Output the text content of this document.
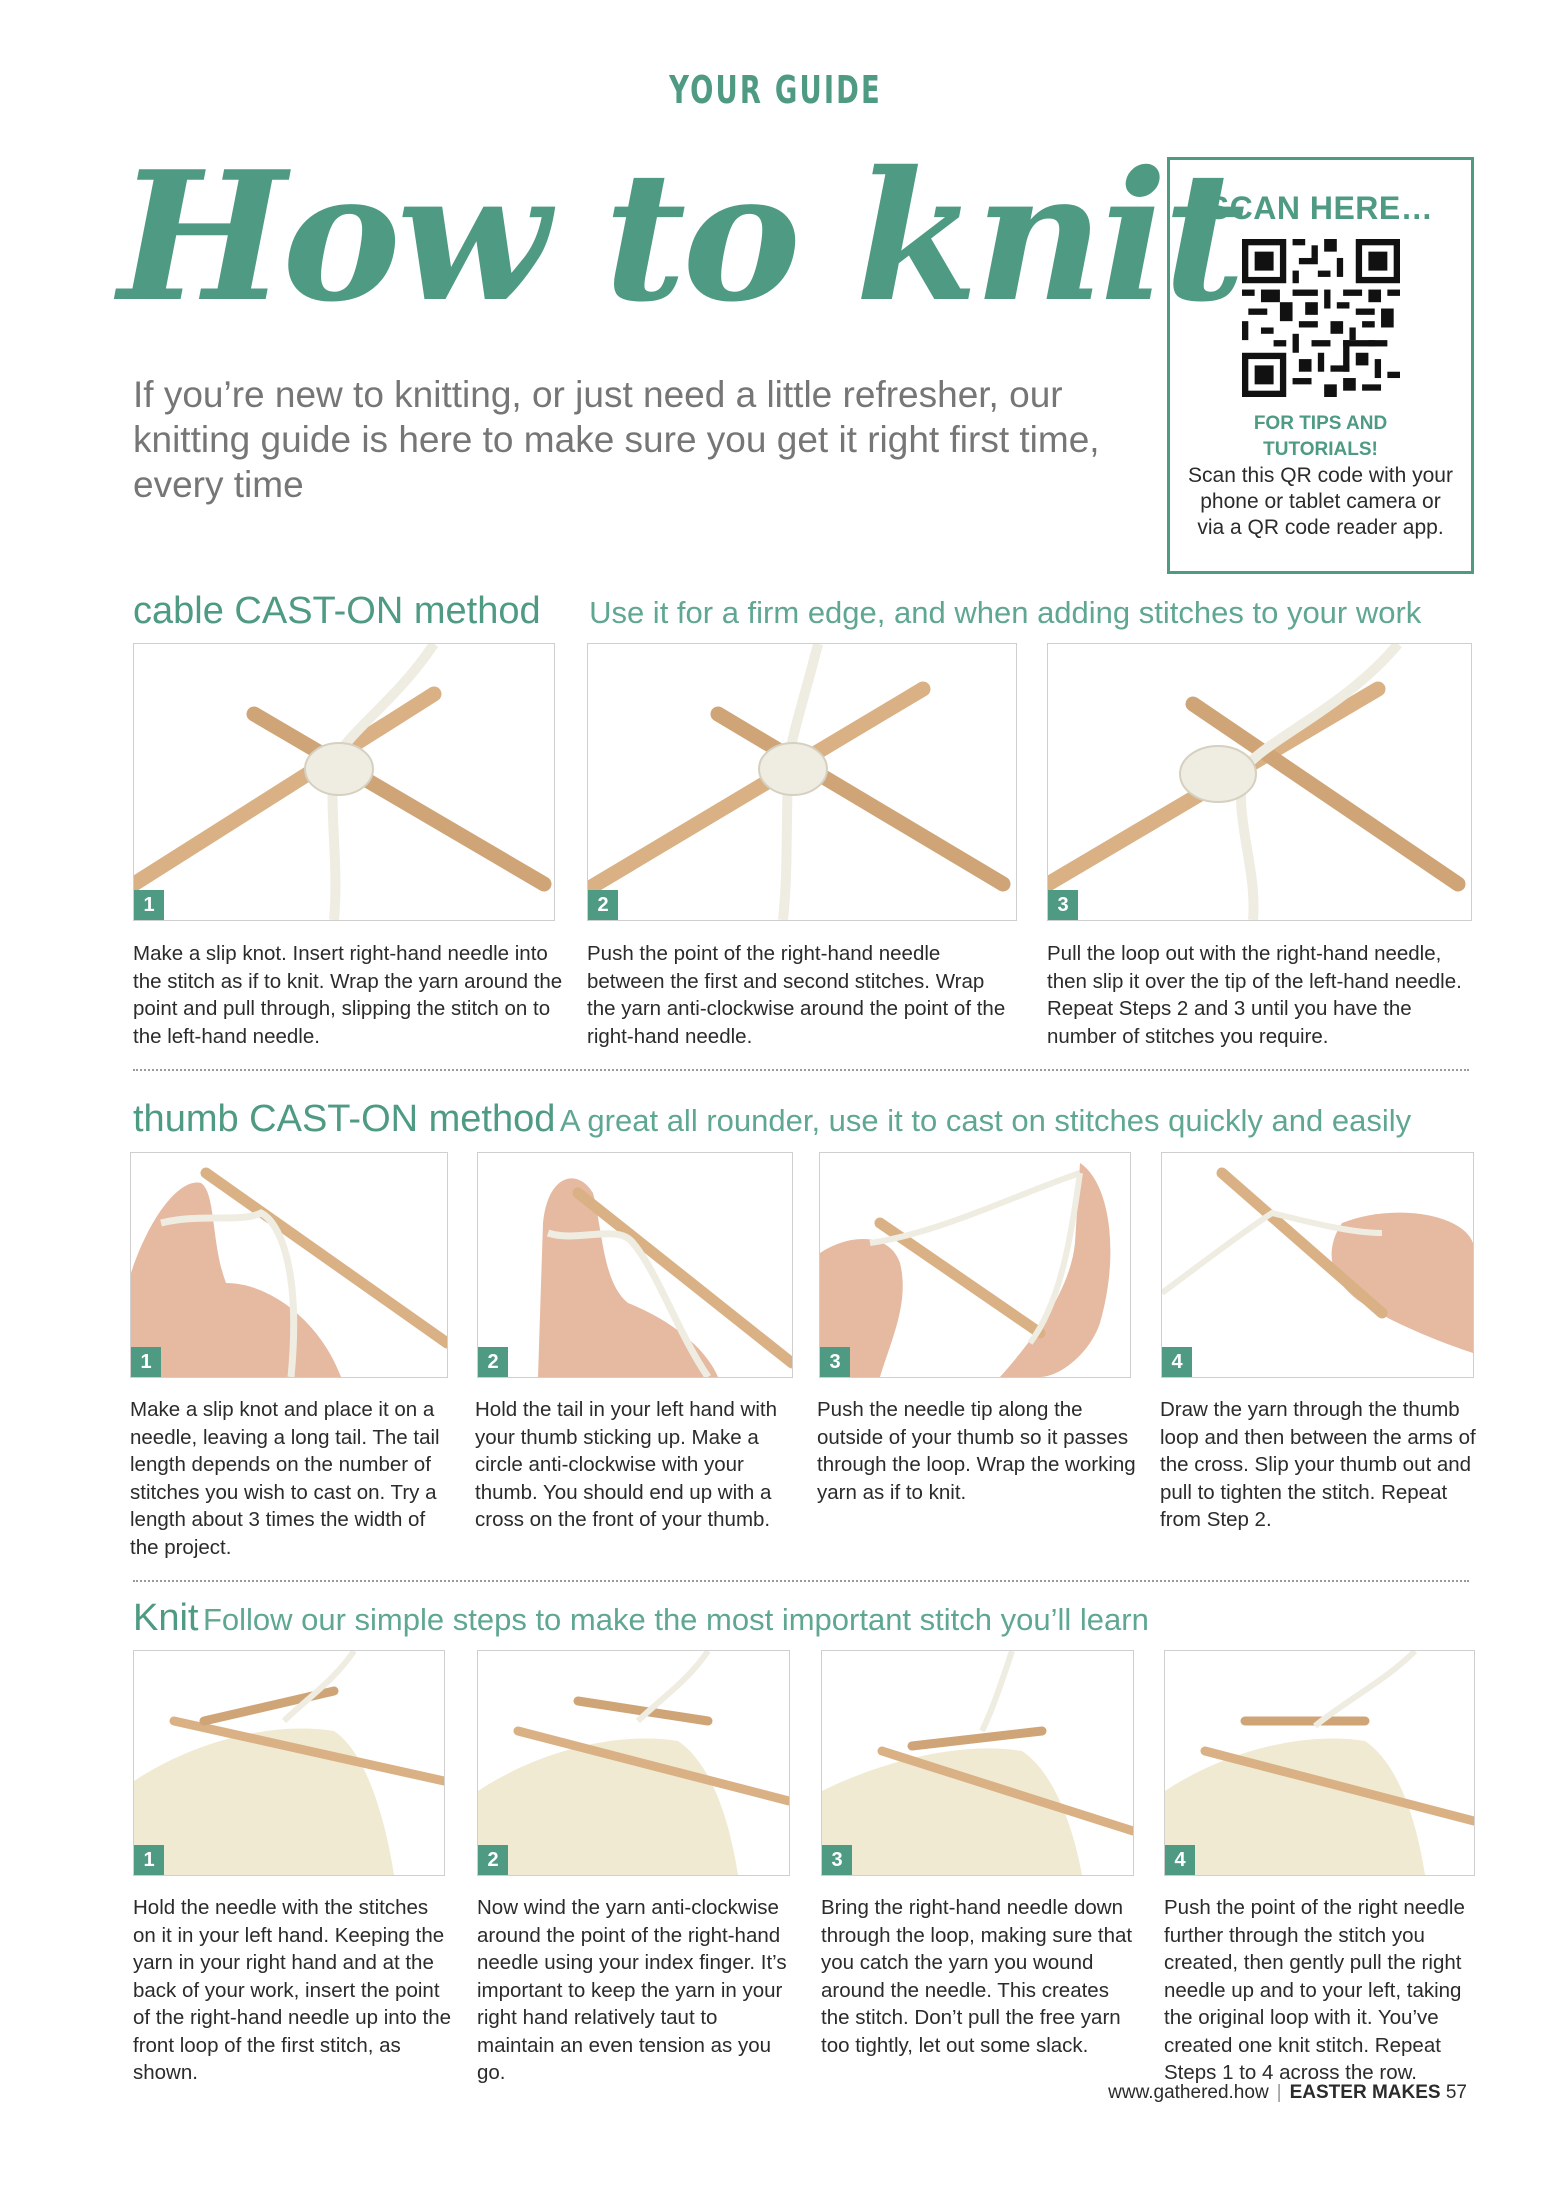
YOUR GUIDE
How to knit
If you’re new to knitting, or just need a little refresher, our knitting guide is here to make sure you get it right first time, every time
SCAN HERE…
FOR TIPS AND
TUTORIALS!
Scan this QR code with your phone or tablet camera or via a QR code reader app.
cable CAST-ON method Use it for a firm edge, and when adding stitches to your work
1	2	3
Make a slip knot. Insert right-hand needle into the stitch as if to knit. Wrap the yarn around the point and pull through, slipping the stitch on to the left-hand needle.
Push the point of the right-hand needle between the first and second stitches. Wrap the yarn anti-clockwise around the point of the right-hand needle.
Pull the loop out with the right-hand needle, then slip it over the tip of the left-hand needle. Repeat Steps 2 and 3 until you have the number of stitches you require.
thumb CAST-ON method A great all rounder, use it to cast on stitches quickly and easily
1	2	3	4
Make a slip knot and place it on a needle, leaving a long tail. The tail length depends on the number of stitches you wish to cast on. Try a length about 3 times the width of the project.
Hold the tail in your left hand with your thumb sticking up. Make a circle anti-clockwise with your thumb. You should end up with a cross on the front of your thumb.
Push the needle tip along the outside of your thumb so it passes through the loop. Wrap the working yarn as if to knit.
Draw the yarn through the thumb loop and then between the arms of the cross. Slip your thumb out and pull to tighten the stitch. Repeat from Step 2.
Knit Follow our simple steps to make the most important stitch you’ll learn
1	2	3	4
Hold the needle with the stitches on it in your left hand. Keeping the yarn in your right hand and at the back of your work, insert the point of the right-hand needle up into the front loop of the first stitch, as shown.
Now wind the yarn anti-clockwise around the point of the right-hand needle using your index finger. It’s important to keep the yarn in your right hand relatively taut to maintain an even tension as you go.
Bring the right-hand needle down through the loop, making sure that you catch the yarn you wound around the needle. This creates the stitch. Don’t pull the free yarn too tightly, let out some slack.
Push the point of the right needle further through the stitch you created, then gently pull the right needle up and to your left, taking the original loop with it. You’ve created one knit stitch. Repeat Steps 1 to 4 across the row.
www.gathered.how | EASTER MAKES 57
